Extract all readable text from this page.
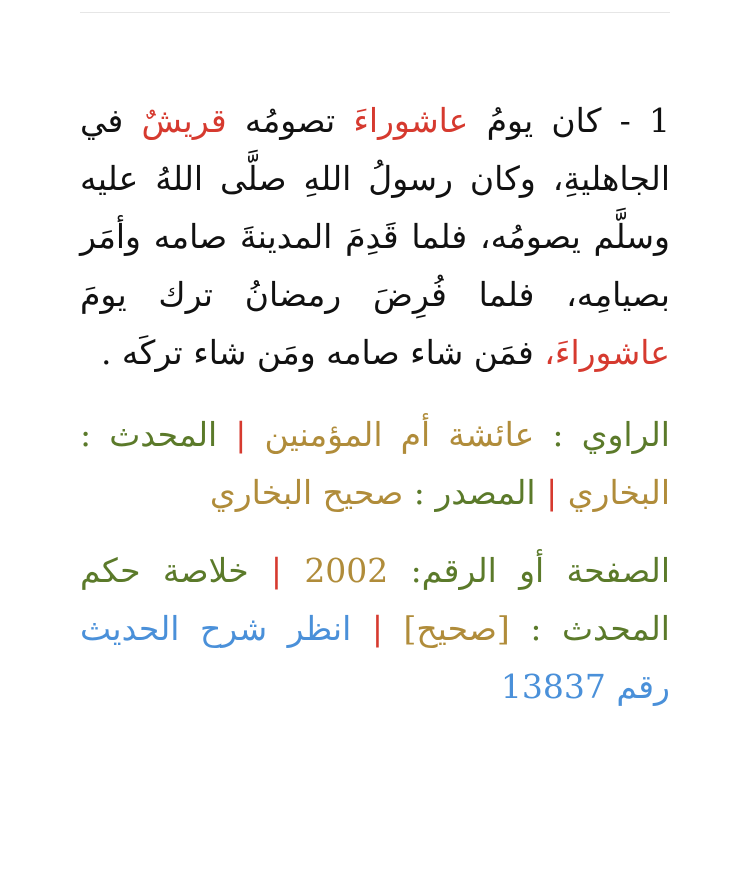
1 - كان يومُ عاشوراءَ تصومُه قريشٌ في الجاهليةِ، وكان رسولُ اللهِ صلَّى اللهُ عليه وسلَّم يصومُه، فلما قَدِمَ المدينةَ صامه وأمَر بصيامِه، فلما فُرِضَ رمضانُ ترك يومَ عاشوراءَ، فمَن شاء صامه ومَن شاء تركَه .

الراوي : عائشة أم المؤمنين | المحدث : البخاري | المصدر : صحيح البخاري

الصفحة أو الرقم: 2002 | خلاصة حكم المحدث : [صحيح] | انظر شرح الحديث رقم 13837
